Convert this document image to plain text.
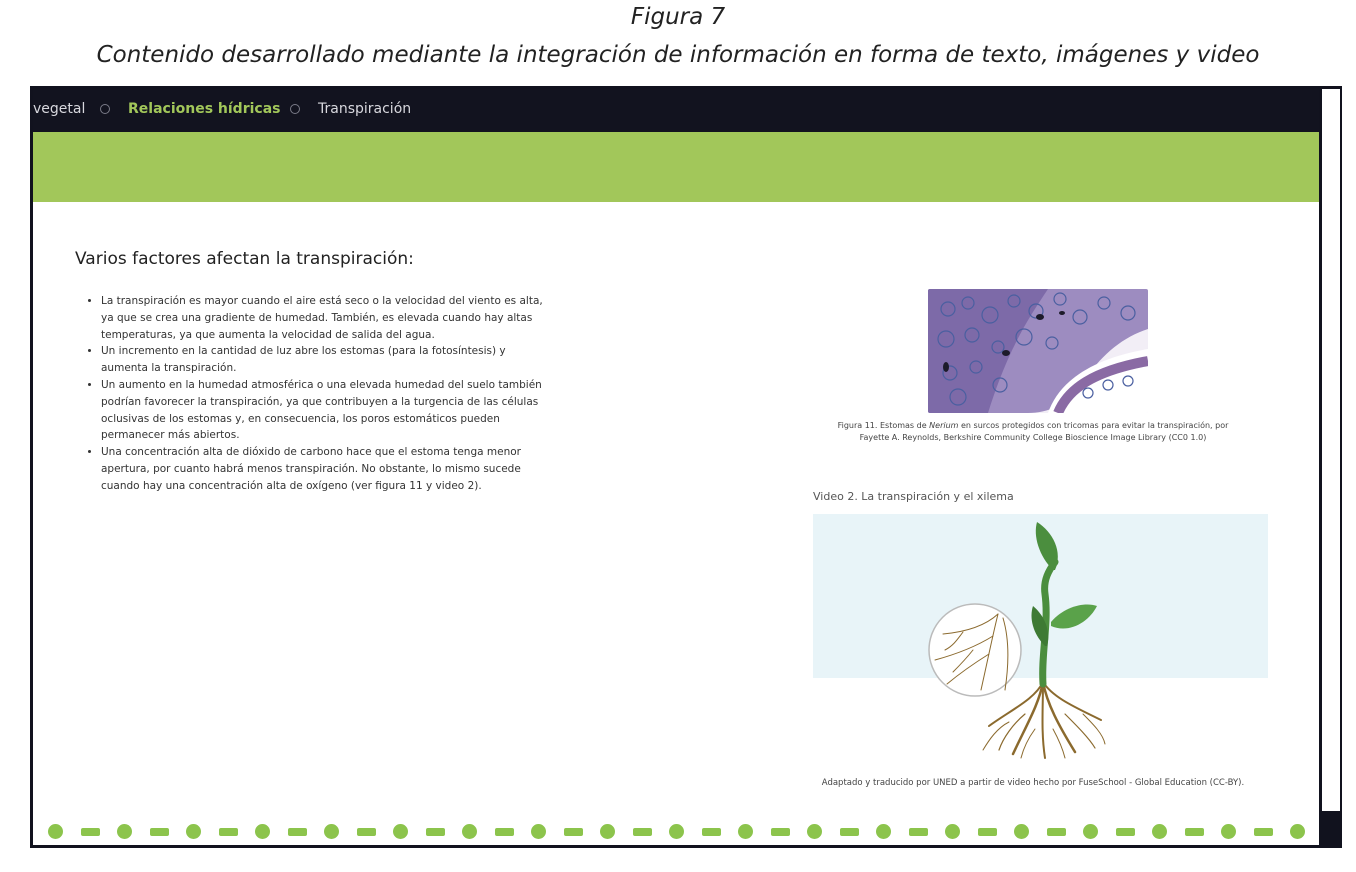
Figura 7
Contenido desarrollado mediante la integración de información en forma de texto, imágenes y video
vegetal	Relaciones hídricas	Transpiración
Varios factores afectan la transpiración:
• La transpiración es mayor cuando el aire está seco o la velocidad del viento es alta, ya que se crea una gradiente de humedad. También, es elevada cuando hay altas temperaturas, ya que aumenta la velocidad de salida del agua.
• Un incremento en la cantidad de luz abre los estomas (para la fotosíntesis) y aumenta la transpiración.
• Un aumento en la humedad atmosférica o una elevada humedad del suelo también podrían favorecer la transpiración, ya que contribuyen a la turgencia de las células oclusivas de los estomas y, en consecuencia, los poros estomáticos pueden permanecer más abiertos.
• Una concentración alta de dióxido de carbono hace que el estoma tenga menor apertura, por cuanto habrá menos transpiración. No obstante, lo mismo sucede cuando hay una concentración alta de oxígeno (ver figura 11 y video 2).
Figura 11. Estomas de Nerium en surcos protegidos con tricomas para evitar la transpiración, por
Fayette A. Reynolds, Berkshire Community College Bioscience Image Library (CC0 1.0)
Video 2. La transpiración y el xilema
Adaptado y traducido por UNED a partir de video hecho por FuseSchool - Global Education (CC-BY).
